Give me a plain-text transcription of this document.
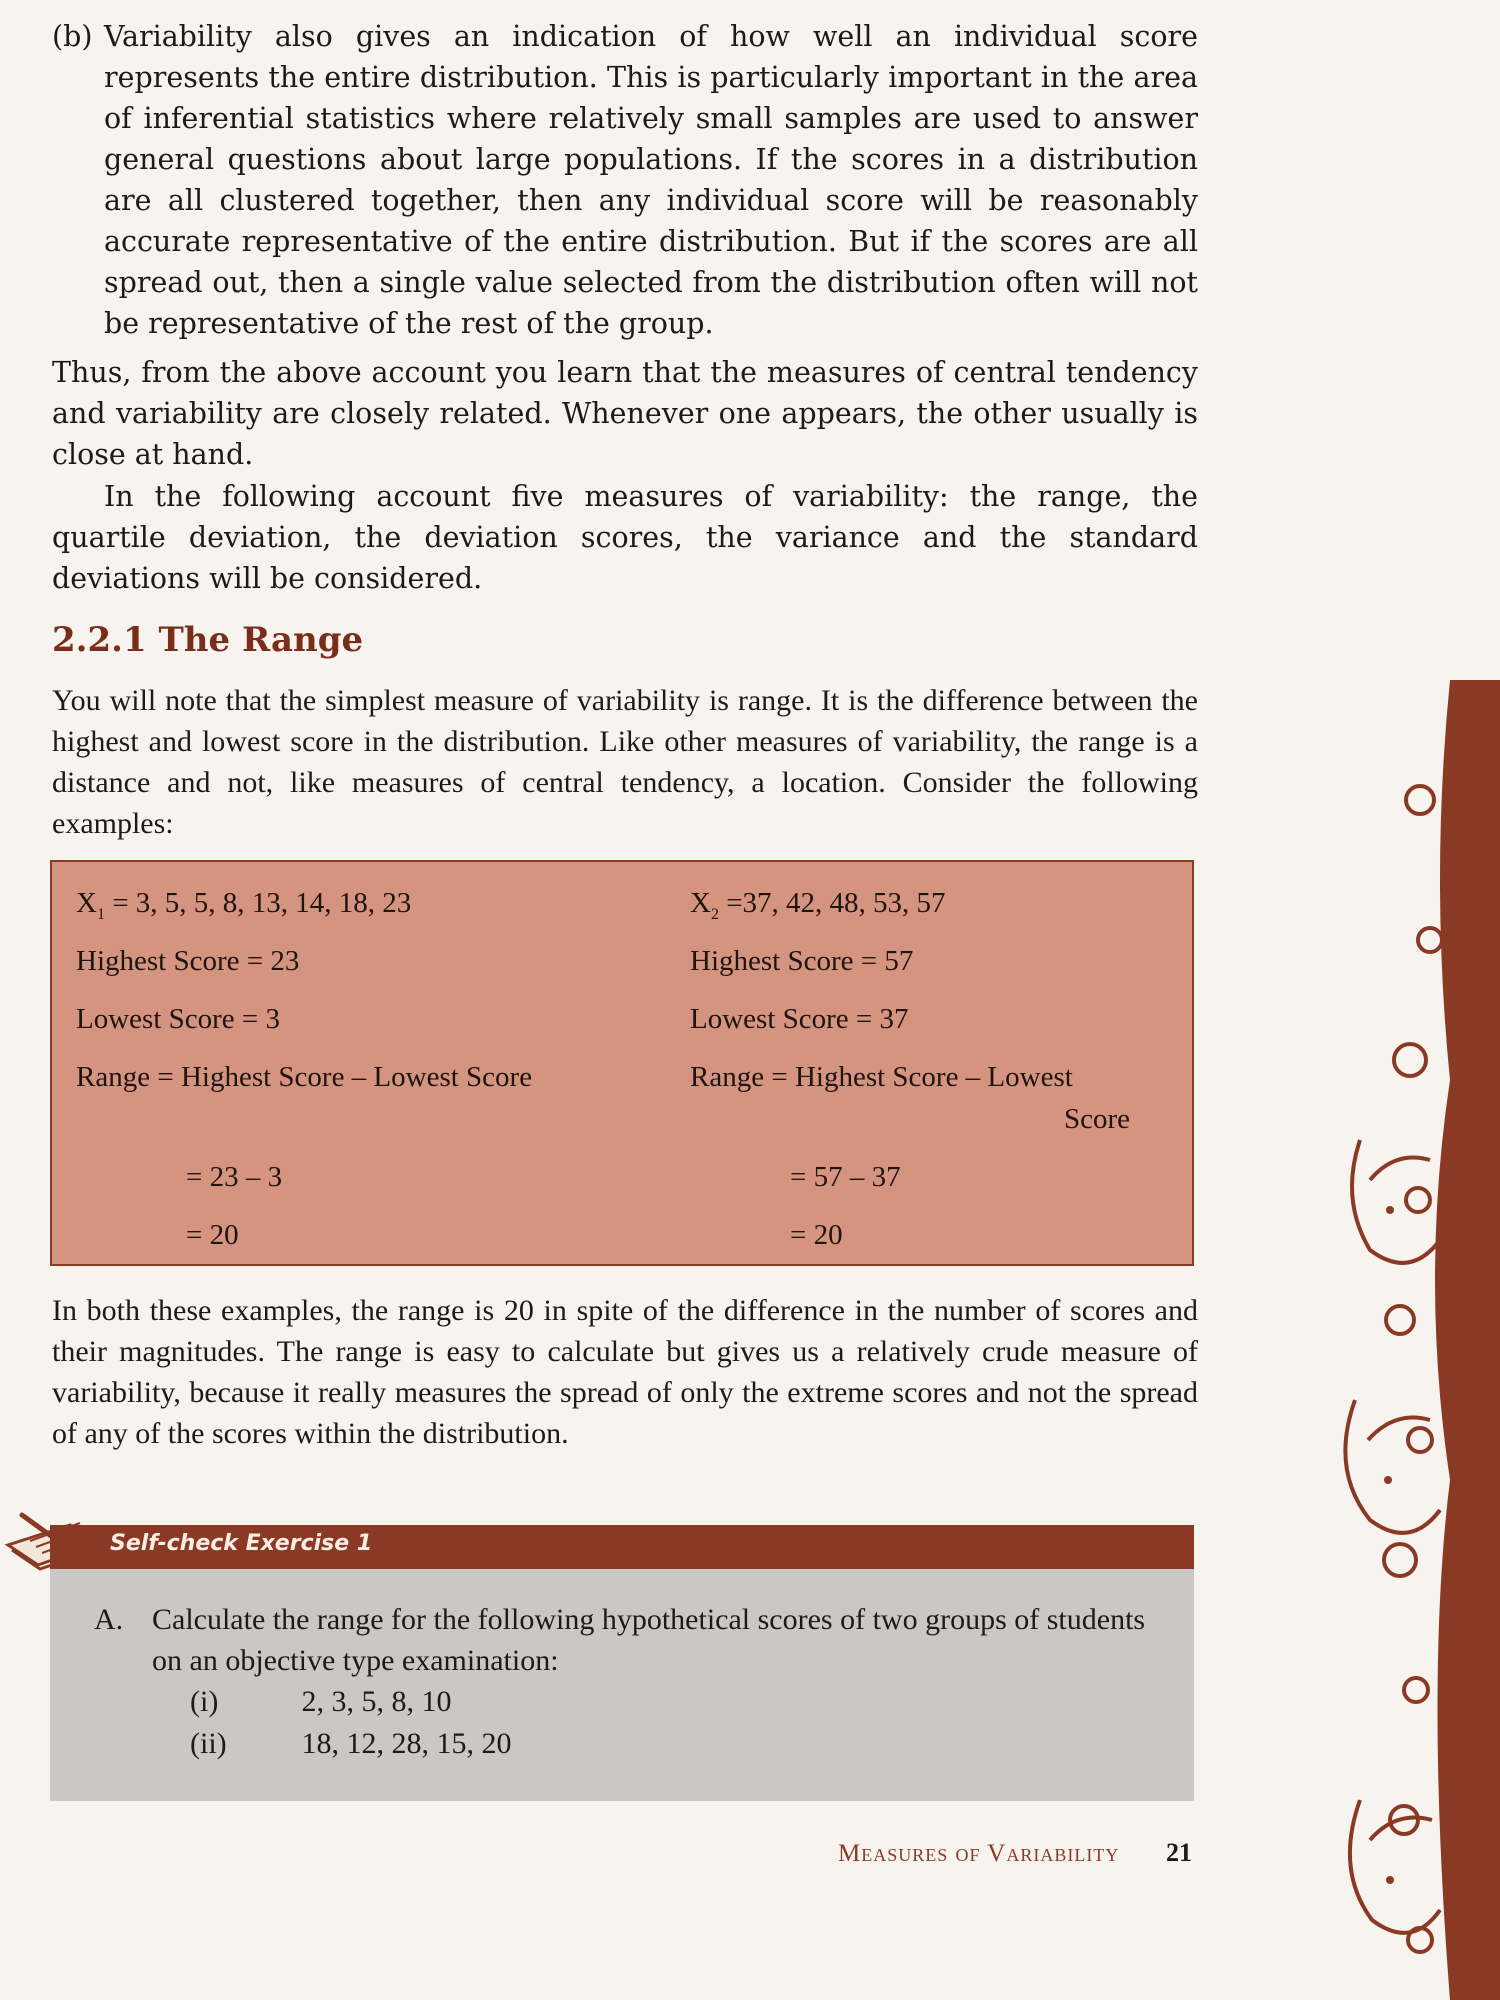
(b) Variability also gives an indication of how well an individual score represents the entire distribution. This is particularly important in the area of inferential statistics where relatively small samples are used to answer general questions about large populations. If the scores in a distribution are all clustered together, then any individual score will be reasonably accurate representative of the entire distribution. But if the scores are all spread out, then a single value selected from the distribution often will not be representative of the rest of the group.

Thus, from the above account you learn that the measures of central tendency and variability are closely related. Whenever one appears, the other usually is close at hand.

In the following account five measures of variability: the range, the quartile deviation, the deviation scores, the variance and the standard deviations will be considered.

2.2.1 The Range

You will note that the simplest measure of variability is range. It is the difference between the highest and lowest score in the distribution. Like other measures of variability, the range is a distance and not, like measures of central tendency, a location. Consider the following examples:

$X_1 = 3$, 5, 5, 8, 13, 14, 18, 23
Highest Score = 23
Lowest Score = 3
Range = Highest Score – Lowest Score
= 23 – 3
= 20
$X_2 =37$, 42, 48, 53, 57
Highest Score = 57
Lowest Score = 37
Range = Highest Score – Lowest
Score
= 57 – 37
= 20

In both these examples, the range is 20 in spite of the difference in the number of scores and their magnitudes. The range is easy to calculate but gives us a relatively crude measure of variability, because it really measures the spread of only the extreme scores and not the spread of any of the scores within the distribution.

Self-check Exercise 1
A. Calculate the range for the following hypothetical scores of two groups of students on an objective type examination:
(i)	2, 3, 5, 8, 10
(ii) 18, 12, 28, 15, 20
Measures of Variability 21
